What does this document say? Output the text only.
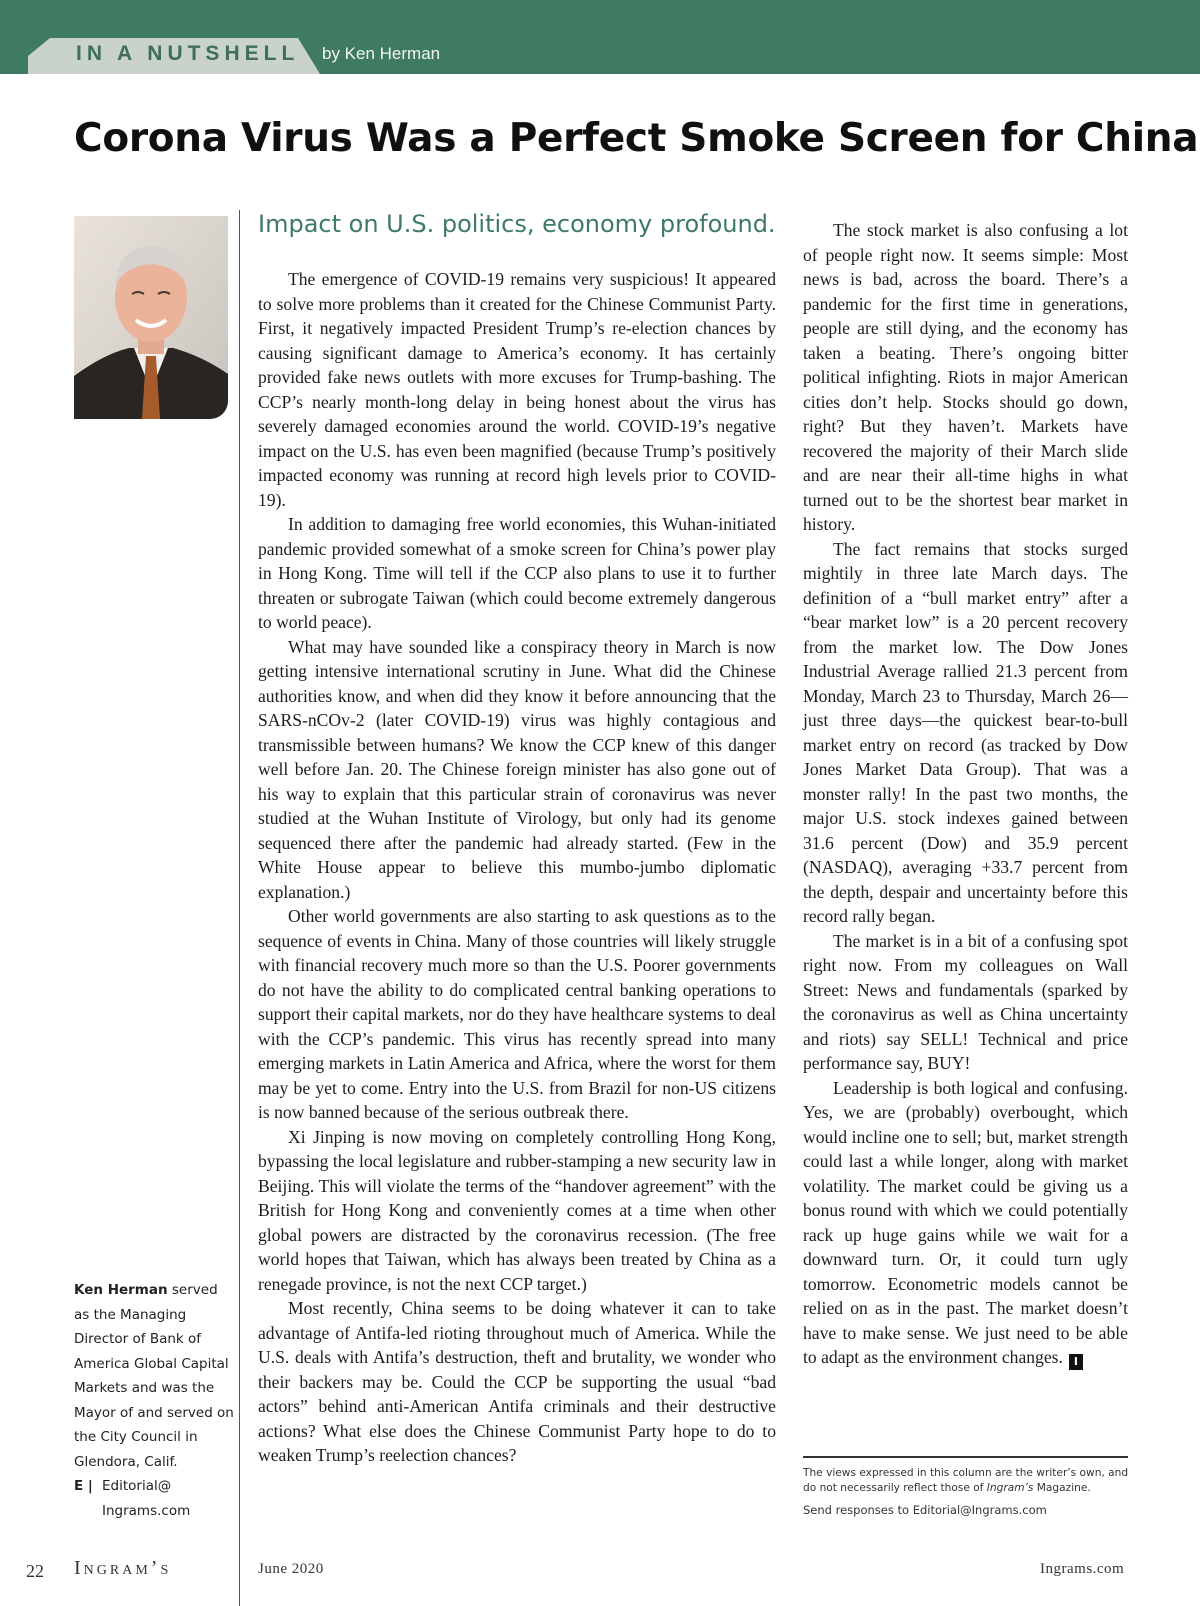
IN A NUTSHELL by Ken Herman
Corona Virus Was a Perfect Smoke Screen for China
Ken Herman served as the Managing Director of Bank of America Global Capital Markets and was the Mayor of and served on the City Council in Glendora, Calif.
E | Editorial@ Ingrams.com
Impact on U.S. politics, economy profound.

The emergence of COVID-19 remains very suspicious! It appeared to solve more problems than it created for the Chinese Communist Party. First, it negatively impacted President Trump’s re-election chances by causing significant damage to America’s economy. It has certainly provided fake news outlets with more excuses for Trump-bashing. The CCP’s nearly month-long delay in being honest about the virus has severely damaged economies around the world. COVID-19’s negative impact on the U.S. has even been magnified (because Trump’s positively impacted economy was running at record high levels prior to COVID-19).

In addition to damaging free world economies, this Wuhan-initiated pandemic provided somewhat of a smoke screen for China’s power play in Hong Kong. Time will tell if the CCP also plans to use it to further threaten or subrogate Taiwan (which could become extremely dangerous to world peace).

What may have sounded like a conspiracy theory in March is now getting intensive international scrutiny in June. What did the Chinese authorities know, and when did they know it before announcing that the SARS-nCOv-2 (later COVID-19) virus was highly contagious and transmissible between humans? We know the CCP knew of this danger well before Jan. 20. The Chinese foreign minister has also gone out of his way to explain that this particular strain of coronavirus was never studied at the Wuhan Institute of Virology, but only had its genome sequenced there after the pandemic had already started. (Few in the White House appear to believe this mumbo-jumbo diplomatic explanation.)

Other world governments are also starting to ask questions as to the sequence of events in China. Many of those countries will likely struggle with financial recovery much more so than the U.S. Poorer governments do not have the ability to do complicated central banking operations to support their capital markets, nor do they have healthcare systems to deal with the CCP’s pandemic. This virus has recently spread into many emerging markets in Latin America and Africa, where the worst for them may be yet to come. Entry into the U.S. from Brazil for non-US citizens is now banned because of the serious outbreak there.

Xi Jinping is now moving on completely controlling Hong Kong, bypassing the local legislature and rubber-stamping a new security law in Beijing. This will violate the terms of the “handover agreement” with the British for Hong Kong and conveniently comes at a time when other global powers are distracted by the coronavirus recession. (The free world hopes that Taiwan, which has always been treated by China as a renegade province, is not the next CCP target.)

Most recently, China seems to be doing whatever it can to take advantage of Antifa-led rioting throughout much of America. While the U.S. deals with Antifa’s destruction, theft and brutality, we wonder who their backers may be. Could the CCP be supporting the usual “bad actors” behind anti-American Antifa criminals and their destructive actions? What else does the Chinese Communist Party hope to do to weaken Trump’s reelection chances?

The stock market is also confusing a lot of people right now. It seems simple: Most news is bad, across the board. There’s a pandemic for the first time in generations, people are still dying, and the economy has taken a beating. There’s ongoing bitter political infighting. Riots in major American cities don’t help. Stocks should go down, right? But they haven’t. Markets have recovered the majority of their March slide and are near their all-time highs in what turned out to be the shortest bear market in history.

The fact remains that stocks surged mightily in three late March days. The definition of a “bull market entry” after a “bear market low” is a 20 percent recovery from the market low. The Dow Jones Industrial Average rallied 21.3 percent from Monday, March 23 to Thursday, March 26—just three days—the quickest bear-to-bull market entry on record (as tracked by Dow Jones Market Data Group). That was a monster rally! In the past two months, the major U.S. stock indexes gained between 31.6 percent (Dow) and 35.9 percent (NASDAQ), averaging +33.7 percent from the depth, despair and uncertainty before this record rally began.

The market is in a bit of a confusing spot right now. From my colleagues on Wall Street: News and fundamentals (sparked by the coronavirus as well as China uncertainty and riots) say SELL! Technical and price performance say, BUY!

Leadership is both logical and confusing. Yes, we are (probably) overbought, which would incline one to sell; but, market strength could last a while longer, along with market volatility. The market could be giving us a bonus round with which we could potentially rack up huge gains while we wait for a downward turn. Or, it could turn ugly tomorrow. Econometric models cannot be relied on as in the past. The market doesn’t have to make sense. We just need to be able to adapt as the environment changes. I

The views expressed in this column are the writer’s own, and do not necessarily reflect those of Ingram’s Magazine.
Send responses to Editorial@Ingrams.com
22 Ingram’s	June 2020	Ingrams.com
